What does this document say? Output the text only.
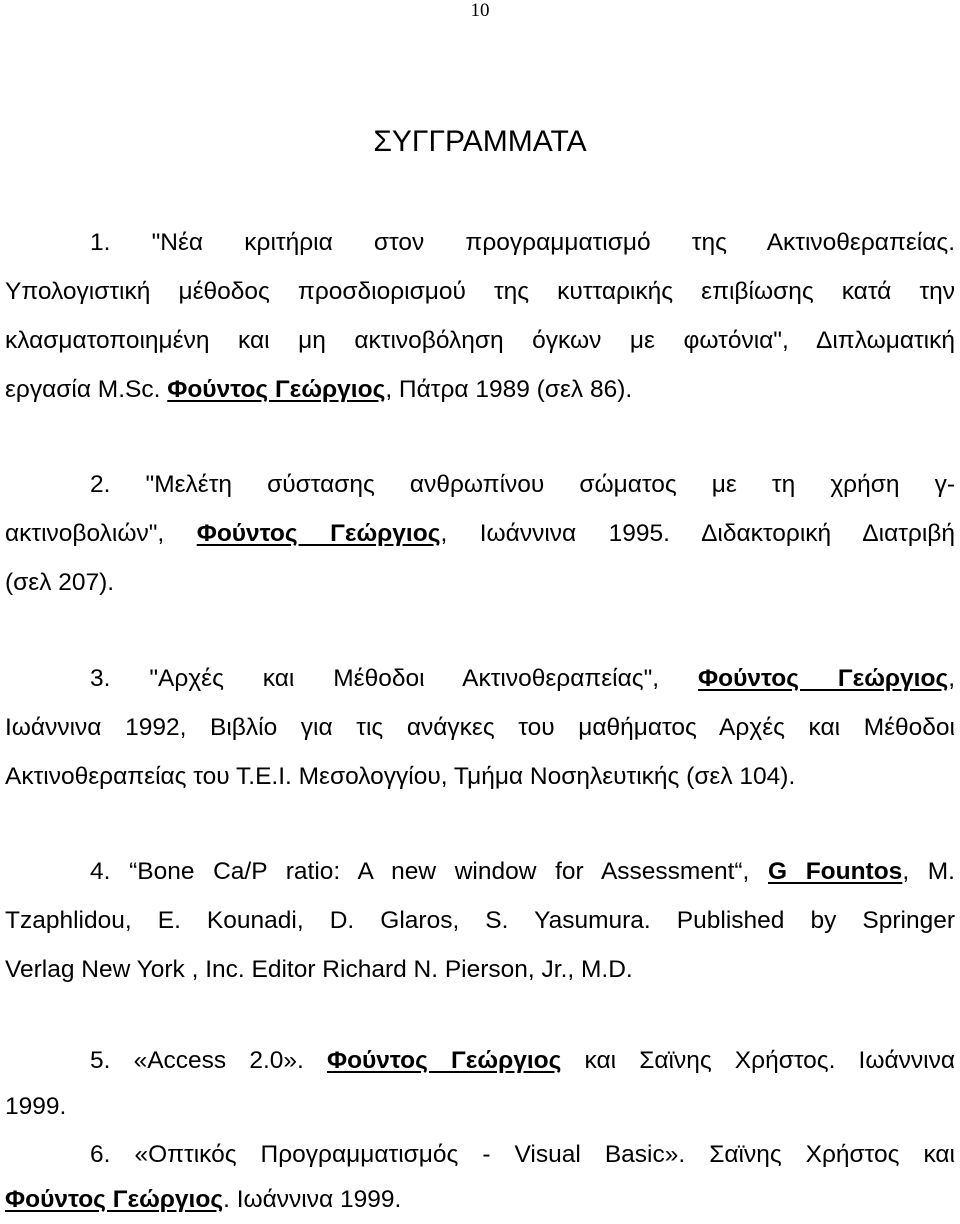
10
ΣΥΓΓΡΑΜΜΑΤΑ
1. "Νέα κριτήρια στον προγραμματισμό της Ακτινοθεραπείας.
Υπολογιστική μέθοδος προσδιορισμού της κυτταρικής επιβίωσης κατά την
κλασματοποιημένη και μη ακτινοβόληση όγκων με φωτόνια", Διπλωματική
εργασία M.Sc. Φούντος Γεώργιος, Πάτρα 1989 (σελ 86).
2. "Μελέτη σύστασης ανθρωπίνου σώματος με τη χρήση γ-
ακτινοβολιών", Φούντος Γεώργιος, Ιωάννινα 1995. Διδακτορική Διατριβή
(σελ 207).
3. "Αρχές και Μέθοδοι Ακτινοθεραπείας", Φούντος Γεώργιος,
Ιωάννινα 1992, Βιβλίο για τις ανάγκες του μαθήματος Αρχές και Μέθοδοι
Ακτινοθεραπείας του Τ.Ε.Ι. Μεσολογγίου, Τμήμα Νοσηλευτικής (σελ 104).
4. “Bone Ca/P ratio: A new window for Assessment“, G Fountos, M.
Tzaphlidou, E. Kounadi, D. Glaros, S. Yasumura. Published by Springer
Verlag New York , Inc. Editor Richard N. Pierson, Jr., M.D.
5. «Access 2.0». Φούντος Γεώργιος και Σαϊνης Χρήστος. Ιωάννινα
1999.
6. «Οπτικός Προγραμματισμός - Visual Basic». Σαϊνης Χρήστος και
Φούντος Γεώργιος. Ιωάννινα 1999.
